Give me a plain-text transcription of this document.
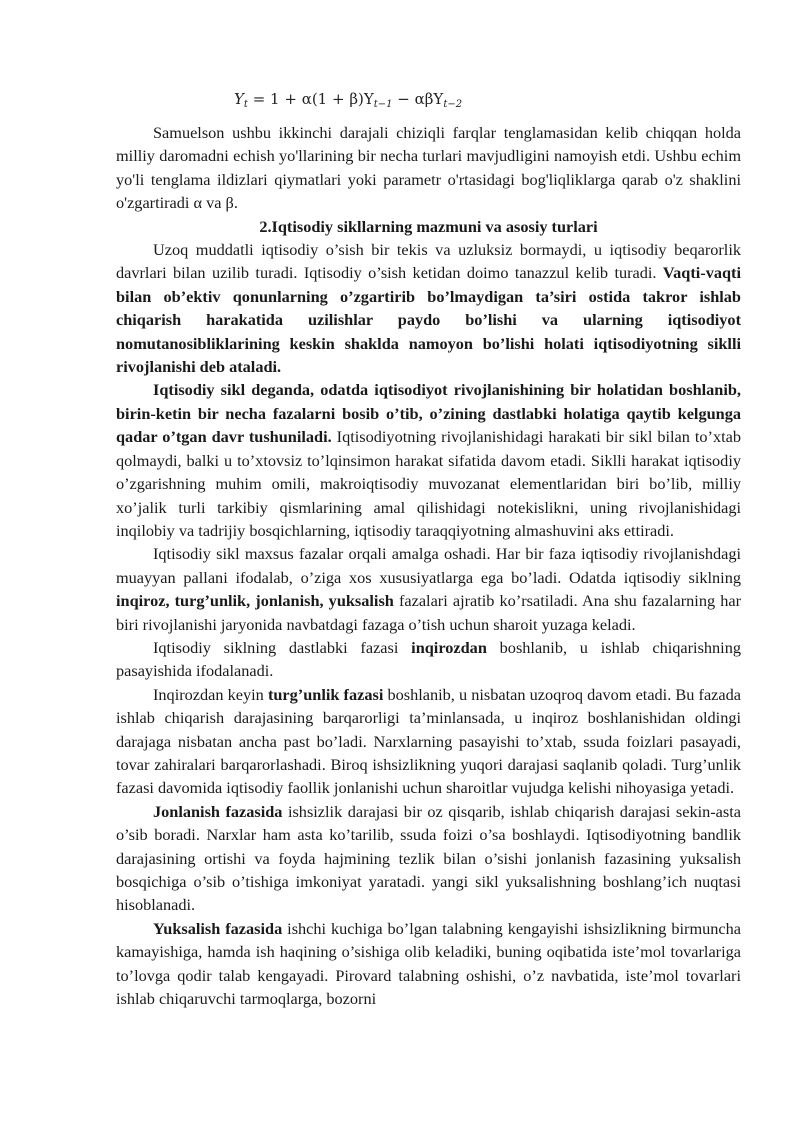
$Y_t = 1 + \alpha(1 + \beta)Y_{t-1} - \alpha\beta Y_{t-2}$

Samuelson ushbu ikkinchi darajali chiziqli farqlar tenglamasidan kelib chiqqan holda milliy daromadni echish yo'llarining bir necha turlari mavjudligini namoyish etdi. Ushbu echim yo'li tenglama ildizlari qiymatlari yoki parametr o'rtasidagi bog'liqliklarga qarab o'z shaklini o'zgartiradi α va β.

2.Iqtisodiy sikllarning mazmuni va asosiy turlari

Uzoq muddatli iqtisodiy o’sish bir tekis va uzluksiz bormaydi, u iqtisodiy beqarorlik davrlari bilan uzilib turadi. Iqtisodiy o’sish ketidan doimo tanazzul kelib turadi. Vaqti-vaqti bilan ob’ektiv qonunlarning o’zgartirib bo’lmaydigan ta’siri ostida takror ishlab chiqarish harakatida uzilishlar paydo bo’lishi va ularning iqtisodiyot nomutanosibliklarining keskin shaklda namoyon bo’lishi holati iqtisodiyotning siklli rivojlanishi deb ataladi.

Iqtisodiy sikl deganda, odatda iqtisodiyot rivojlanishining bir holatidan boshlanib, birin-ketin bir necha fazalarni bosib o’tib, o’zining dastlabki holatiga qaytib kelgunga qadar o’tgan davr tushuniladi. Iqtisodiyotning rivojlanishidagi harakati bir sikl bilan to’xtab qolmaydi, balki u to’xtovsiz to’lqinsimon harakat sifatida davom etadi. Siklli harakat iqtisodiy o’zgarishning muhim omili, makroiqtisodiy muvozanat elementlaridan biri bo’lib, milliy xo’jalik turli tarkibiy qismlarining amal qilishidagi notekislikni, uning rivojlanishidagi inqilobiy va tadrijiy bosqichlarning, iqtisodiy taraqqiyotning almashuvini aks ettiradi.

Iqtisodiy sikl maxsus fazalar orqali amalga oshadi. Har bir faza iqtisodiy rivojlanishdagi muayyan pallani ifodalab, o’ziga xos xususiyatlarga ega bo’ladi. Odatda iqtisodiy siklning inqiroz, turg’unlik, jonlanish, yuksalish fazalari ajratib ko’rsatiladi. Ana shu fazalarning har biri rivojlanishi jaryonida navbatdagi fazaga o’tish uchun sharoit yuzaga keladi.

Iqtisodiy siklning dastlabki fazasi inqirozdan boshlanib, u ishlab chiqarishning pasayishida ifodalanadi.

Inqirozdan keyin turg’unlik fazasi boshlanib, u nisbatan uzoqroq davom etadi. Bu fazada ishlab chiqarish darajasining barqarorligi ta’minlansada, u inqiroz boshlanishidan oldingi darajaga nisbatan ancha past bo’ladi. Narxlarning pasayishi to’xtab, ssuda foizlari pasayadi, tovar zahiralari barqarorlashadi. Biroq ishsizlikning yuqori darajasi saqlanib qoladi. Turg’unlik fazasi davomida iqtisodiy faollik jonlanishi uchun sharoitlar vujudga kelishi nihoyasiga yetadi.

Jonlanish fazasida ishsizlik darajasi bir oz qisqarib, ishlab chiqarish darajasi sekin-asta o’sib boradi. Narxlar ham asta ko’tarilib, ssuda foizi o’sa boshlaydi. Iqtisodiyotning bandlik darajasining ortishi va foyda hajmining tezlik bilan o’sishi jonlanish fazasining yuksalish bosqichiga o’sib o’tishiga imkoniyat yaratadi. yangi sikl yuksalishning boshlang’ich nuqtasi hisoblanadi.

Yuksalish fazasida ishchi kuchiga bo’lgan talabning kengayishi ishsizlikning birmuncha kamayishiga, hamda ish haqining o’sishiga olib keladiki, buning oqibatida iste’mol tovarlariga to’lovga qodir talab kengayadi. Pirovard talabning oshishi, o’z navbatida, iste’mol tovarlari ishlab chiqaruvchi tarmoqlarga, bozorni
